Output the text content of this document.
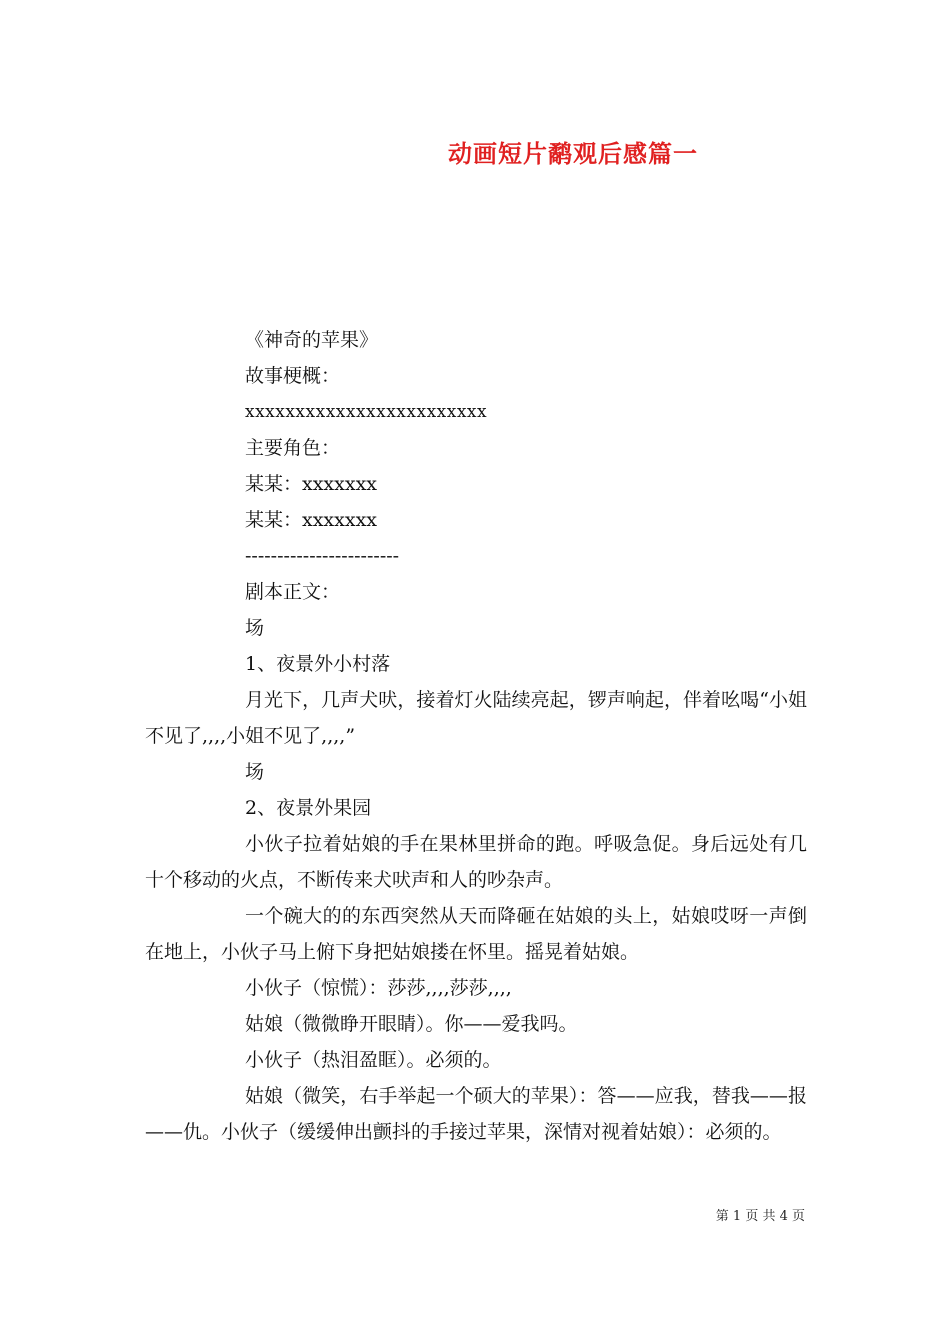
动画短片鹬观后感篇一
《神奇的苹果》
故事梗概：
xxxxxxxxxxxxxxxxxxxxxxxx
主要角色：
某某：xxxxxxx
某某：xxxxxxx
------------------------
剧本正文：
场
1、夜景外小村落

月光下，几声犬吠，接着灯火陆续亮起，锣声响起，伴着吆喝“小姐不见了,,,,小姐不见了,,,,”

场
2、夜景外果园

小伙子拉着姑娘的手在果林里拼命的跑。呼吸急促。身后远处有几十个移动的火点，不断传来犬吠声和人的吵杂声。

一个碗大的的东西突然从天而降砸在姑娘的头上，姑娘哎呀一声倒在地上，小伙子马上俯下身把姑娘搂在怀里。摇晃着姑娘。

小伙子（惊慌）：莎莎,,,,莎莎,,,,
姑娘（微微睁开眼睛）。你——爱我吗。
小伙子（热泪盈眶）。必须的。

姑娘（微笑，右手举起一个硕大的苹果）：答——应我，替我——报——仇。小伙子（缓缓伸出颤抖的手接过苹果，深情对视着姑娘）：必须的。

第 1 页 共 4 页
